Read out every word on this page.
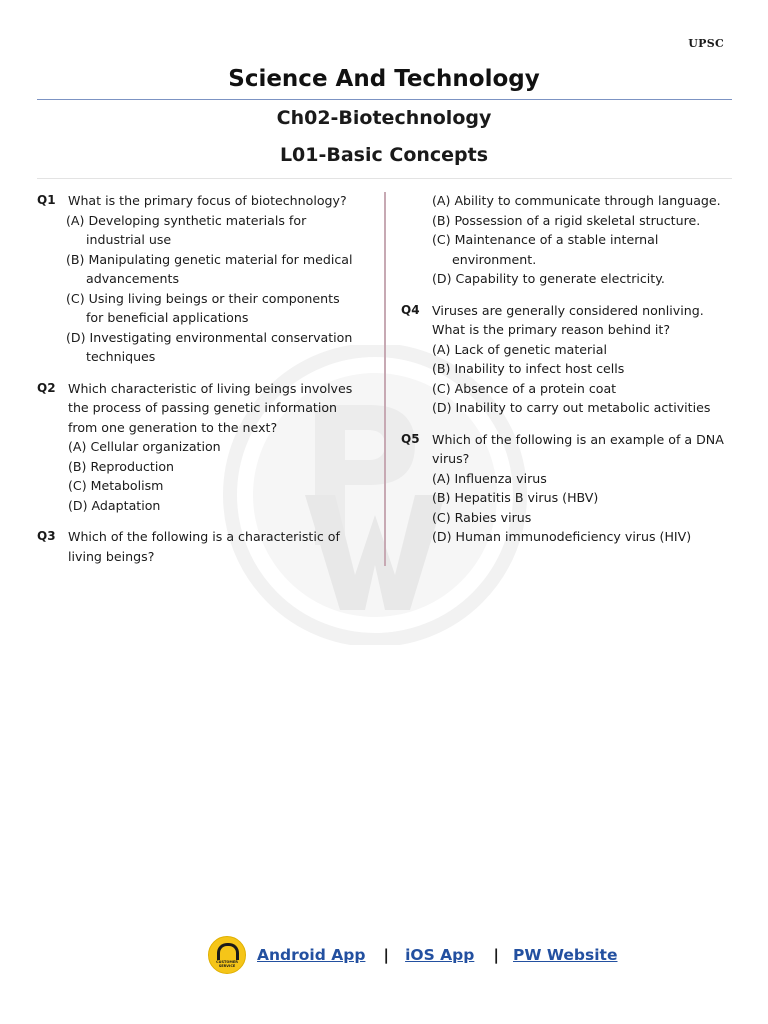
UPSC
Science And Technology
Ch02-Biotechnology
L01-Basic Concepts
Q1 What is the primary focus of biotechnology?
(A) Developing synthetic materials for industrial use
(B) Manipulating genetic material for medical advancements
(C) Using living beings or their components for beneficial applications
(D) Investigating environmental conservation techniques
Q2 Which characteristic of living beings involves the process of passing genetic information from one generation to the next?
(A) Cellular organization
(B) Reproduction
(C) Metabolism
(D) Adaptation
Q3 Which of the following is a characteristic of living beings?
(A) Ability to communicate through language.
(B) Possession of a rigid skeletal structure.
(C) Maintenance of a stable internal environment.
(D) Capability to generate electricity.
Q4 Viruses are generally considered nonliving. What is the primary reason behind it?
(A) Lack of genetic material
(B) Inability to infect host cells
(C) Absence of a protein coat
(D) Inability to carry out metabolic activities
Q5 Which of the following is an example of a DNA virus?
(A) Influenza virus
(B) Hepatitis B virus (HBV)
(C) Rabies virus
(D) Human immunodeficiency virus (HIV)
CUSTOMER SERVICE
Android App | iOS App | PW Website
